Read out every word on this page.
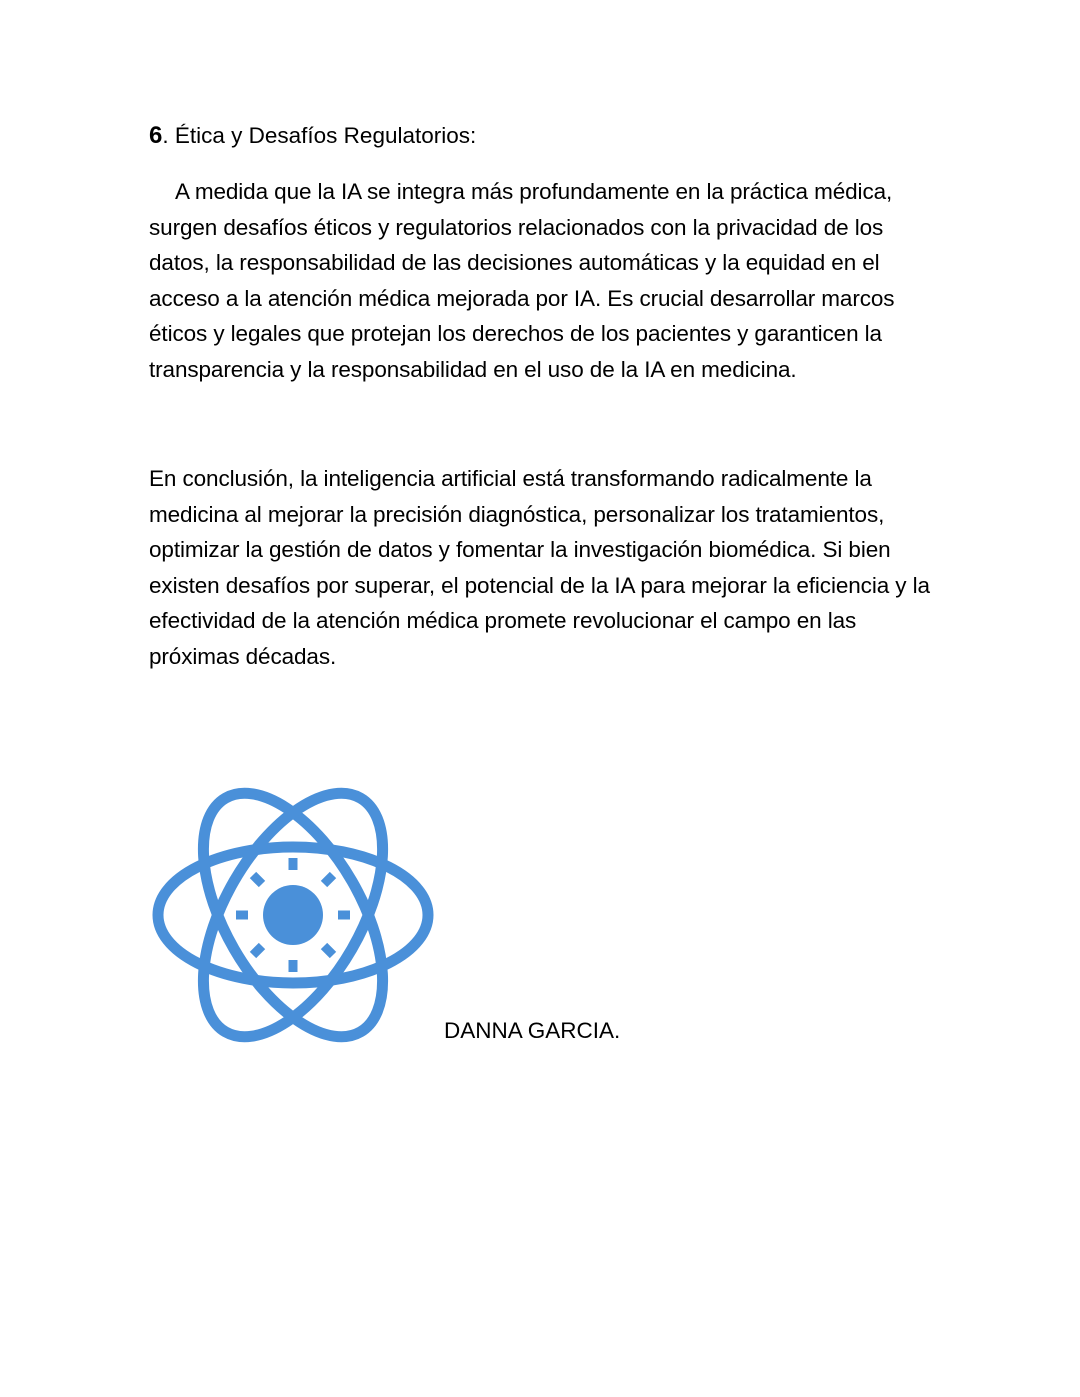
6. Ética y Desafíos Regulatorios:

A medida que la IA se integra más profundamente en la práctica médica, surgen desafíos éticos y regulatorios relacionados con la privacidad de los datos, la responsabilidad de las decisiones automáticas y la equidad en el acceso a la atención médica mejorada por IA. Es crucial desarrollar marcos éticos y legales que protejan los derechos de los pacientes y garanticen la transparencia y la responsabilidad en el uso de la IA en medicina.

En conclusión, la inteligencia artificial está transformando radicalmente la medicina al mejorar la precisión diagnóstica, personalizar los tratamientos, optimizar la gestión de datos y fomentar la investigación biomédica. Si bien existen desafíos por superar, el potencial de la IA para mejorar la eficiencia y la efectividad de la atención médica promete revolucionar el campo en las próximas décadas.

DANNA GARCIA.
